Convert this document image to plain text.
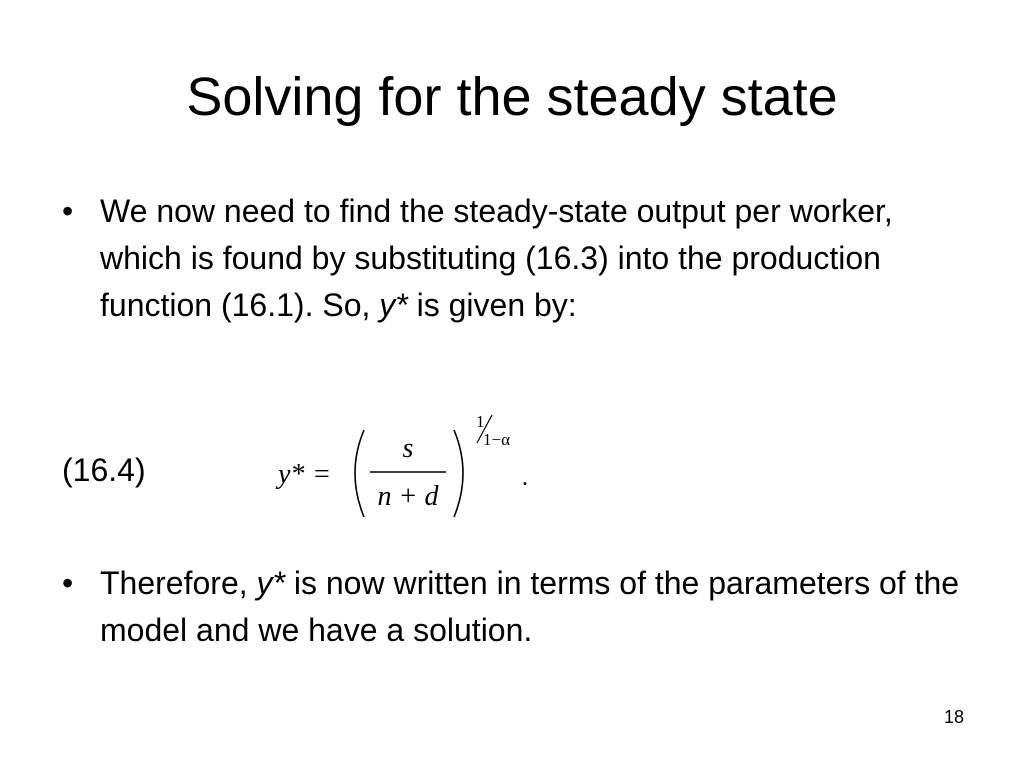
Solving for the steady state
• We now need to find the steady-state output per worker, which is found by substituting (16.3) into the production function (16.1). So, y* is given by:
(16.4)	y* =
s
n + d
1
1−α
.
• Therefore, y* is now written in terms of the parameters of the model and we have a solution.
18
